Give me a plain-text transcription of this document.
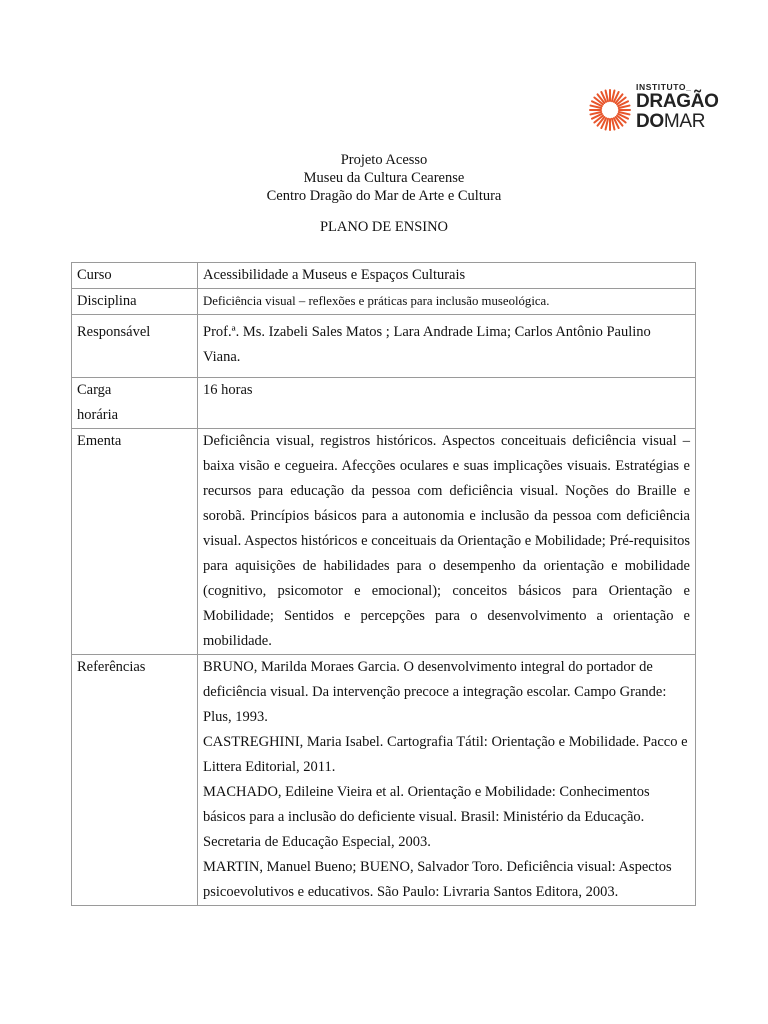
INSTITUTO_
DRAGÃO
DOMAR
Projeto Acesso
Museu da Cultura Cearense
Centro Dragão do Mar de Arte e Cultura
PLANO DE ENSINO
Curso	Acessibilidade a Museus e Espaços Culturais
Disciplina	Deficiência visual – reflexões e práticas para inclusão museológica.
Responsável	Prof.ª. Ms. Izabeli Sales Matos ; Lara Andrade Lima; Carlos Antônio Paulino Viana.

Carga
horária	16 horas
Ementa	Deficiência visual, registros históricos. Aspectos conceituais deficiência visual – baixa visão e cegueira. Afecções oculares e suas implicações visuais. Estratégias e recursos para educação da pessoa com deficiência visual. Noções do Braille e sorobã. Princípios básicos para a autonomia e inclusão da pessoa com deficiência visual. Aspectos históricos e conceituais da Orientação e Mobilidade; Pré-requisitos para aquisições de habilidades para o desempenho da orientação e mobilidade (cognitivo, psicomotor e emocional); conceitos básicos para Orientação e Mobilidade; Sentidos e percepções para o desenvolvimento a orientação e mobilidade.
Referências	BRUNO, Marilda Moraes Garcia. O desenvolvimento integral do portador de deficiência visual. Da intervenção precoce a integração escolar. Campo Grande: Plus, 1993.
CASTREGHINI, Maria Isabel. Cartografia Tátil: Orientação e Mobilidade. Pacco e Littera Editorial, 2011.
MACHADO, Edileine Vieira et al. Orientação e Mobilidade: Conhecimentos básicos para a inclusão do deficiente visual. Brasil: Ministério da Educação. Secretaria de Educação Especial, 2003.
MARTIN, Manuel Bueno; BUENO, Salvador Toro. Deficiência visual: Aspectos psicoevolutivos e educativos. São Paulo: Livraria Santos Editora, 2003.
